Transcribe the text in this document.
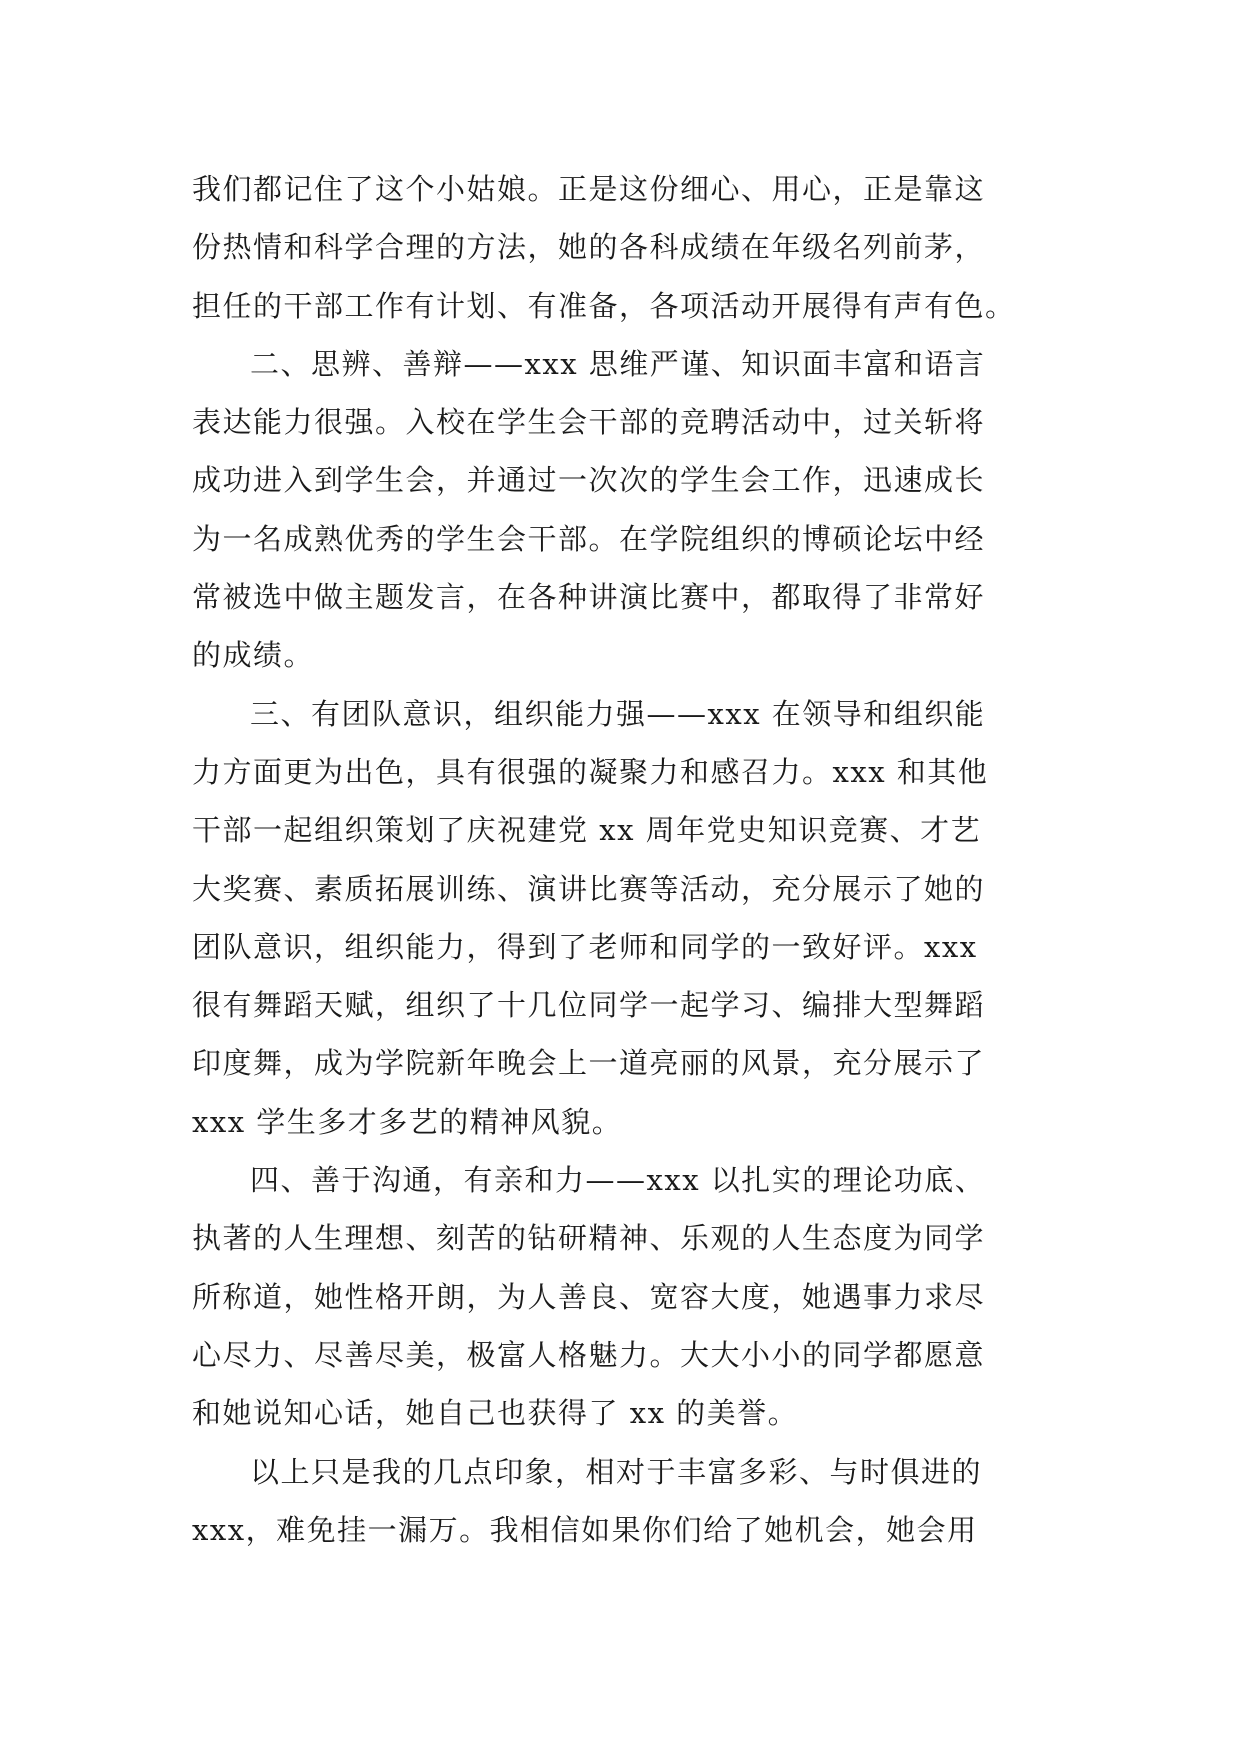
我们都记住了这个小姑娘。正是这份细心、用心，正是靠这
份热情和科学合理的方法，她的各科成绩在年级名列前茅，
担任的干部工作有计划、有准备，各项活动开展得有声有色。
二、思辨、善辩——xxx 思维严谨、知识面丰富和语言
表达能力很强。入校在学生会干部的竞聘活动中，过关斩将
成功进入到学生会，并通过一次次的学生会工作，迅速成长
为一名成熟优秀的学生会干部。在学院组织的博硕论坛中经
常被选中做主题发言，在各种讲演比赛中，都取得了非常好
的成绩。
三、有团队意识，组织能力强——xxx 在领导和组织能
力方面更为出色，具有很强的凝聚力和感召力。xxx 和其他
干部一起组织策划了庆祝建党 xx 周年党史知识竞赛、才艺
大奖赛、素质拓展训练、演讲比赛等活动，充分展示了她的
团队意识，组织能力，得到了老师和同学的一致好评。xxx
很有舞蹈天赋，组织了十几位同学一起学习、编排大型舞蹈
印度舞，成为学院新年晚会上一道亮丽的风景，充分展示了
xxx 学生多才多艺的精神风貌。
四、善于沟通，有亲和力——xxx 以扎实的理论功底、
执著的人生理想、刻苦的钻研精神、乐观的人生态度为同学
所称道，她性格开朗，为人善良、宽容大度，她遇事力求尽
心尽力、尽善尽美，极富人格魅力。大大小小的同学都愿意
和她说知心话，她自己也获得了 xx 的美誉。
以上只是我的几点印象，相对于丰富多彩、与时俱进的
xxx，难免挂一漏万。我相信如果你们给了她机会，她会用
